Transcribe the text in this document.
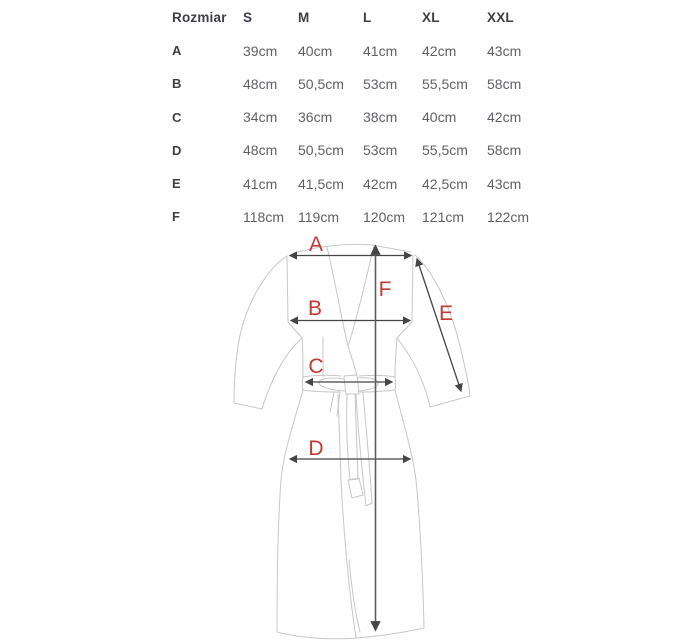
Rozmiar	S	M	L	XL	XXL
A	39cm	40cm	41cm	42cm	43cm
B	48cm	50,5cm	53cm	55,5cm	58cm
C	34cm	36cm	38cm	40cm	42cm
D	48cm	50,5cm	53cm	55,5cm	58cm
E	41cm	41,5cm	42cm	42,5cm	43cm
F	118cm	119cm	120cm	121cm	122cm
A
B
C
D
E
F
